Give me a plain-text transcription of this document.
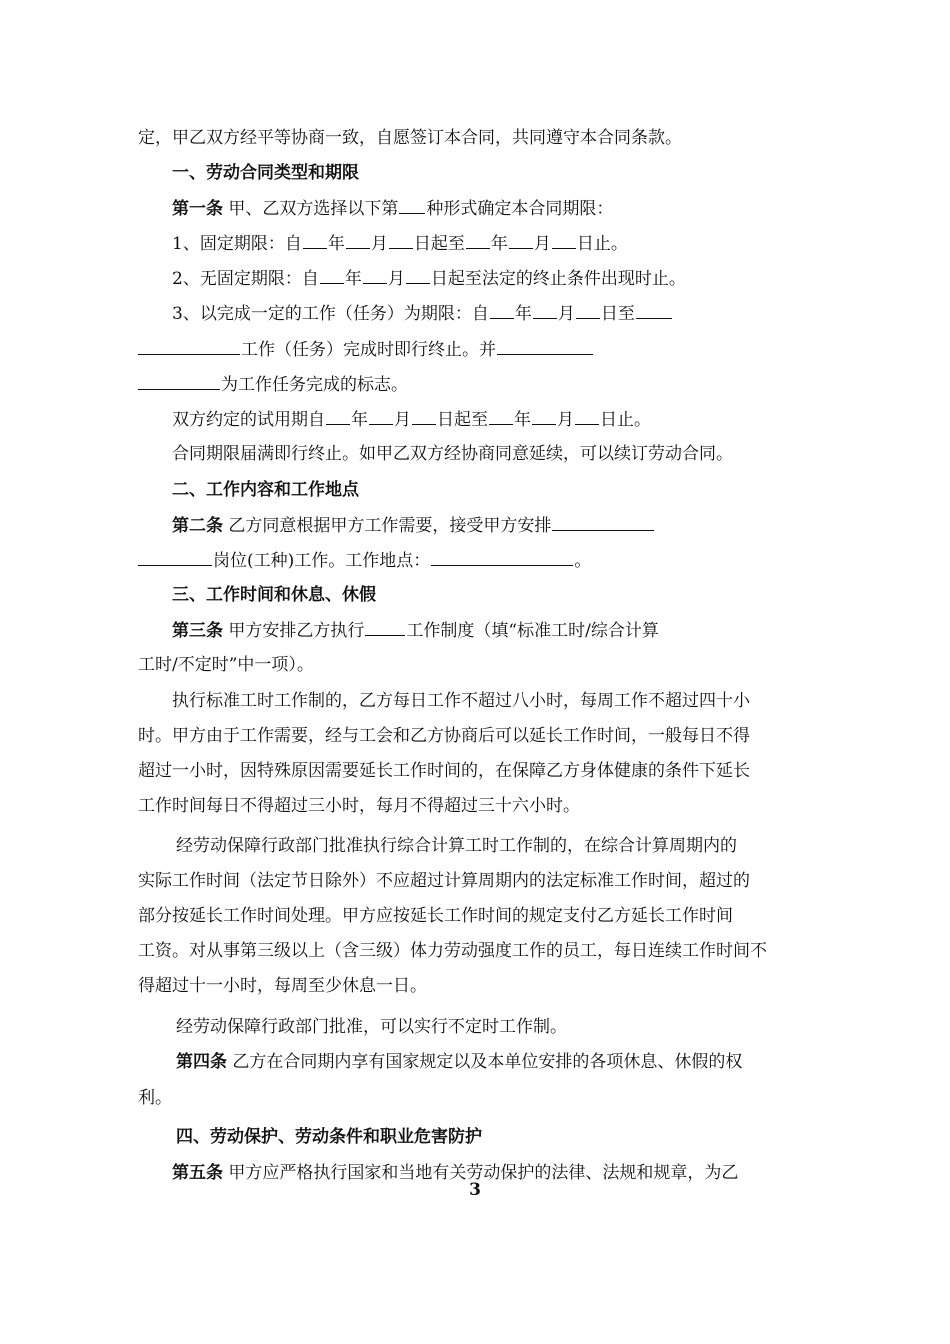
定，甲乙双方经平等协商一致，自愿签订本合同，共同遵守本合同条款。
一、劳动合同类型和期限
第一条 甲、乙双方选择以下第 种形式确定本合同期限：
1、固定期限：自 年 月 日起至 年 月 日止。
2、无固定期限：自 年 月 日起至法定的终止条件出现时止。
3、以完成一定的工作（任务）为期限：自 年 月 日至
工作（任务）完成时即行终止。并
为工作任务完成的标志。
双方约定的试用期自 年 月 日起至 年 月 日止。
合同期限届满即行终止。如甲乙双方经协商同意延续，可以续订劳动合同。
二、工作内容和工作地点
第二条 乙方同意根据甲方工作需要，接受甲方安排
岗位(工种)工作。工作地点：	。
三、工作时间和休息、休假
第三条 甲方安排乙方执行 工作制度（填“标准工时/综合计算
工时/不定时”中一项）。
执行标准工时工作制的，乙方每日工作不超过八小时，每周工作不超过四十小
时。甲方由于工作需要，经与工会和乙方协商后可以延长工作时间，一般每日不得
超过一小时，因特殊原因需要延长工作时间的，在保障乙方身体健康的条件下延长
工作时间每日不得超过三小时，每月不得超过三十六小时。
经劳动保障行政部门批准执行综合计算工时工作制的，在综合计算周期内的
实际工作时间（法定节日除外）不应超过计算周期内的法定标准工作时间，超过的
部分按延长工作时间处理。甲方应按延长工作时间的规定支付乙方延长工作时间
工资。对从事第三级以上（含三级）体力劳动强度工作的员工，每日连续工作时间不
得超过十一小时，每周至少休息一日。
经劳动保障行政部门批准，可以实行不定时工作制。
第四条 乙方在合同期内享有国家规定以及本单位安排的各项休息、休假的权
利。
四、劳动保护、劳动条件和职业危害防护
第五条 甲方应严格执行国家和当地有关劳动保护的法律、法规和规章，为乙
3
